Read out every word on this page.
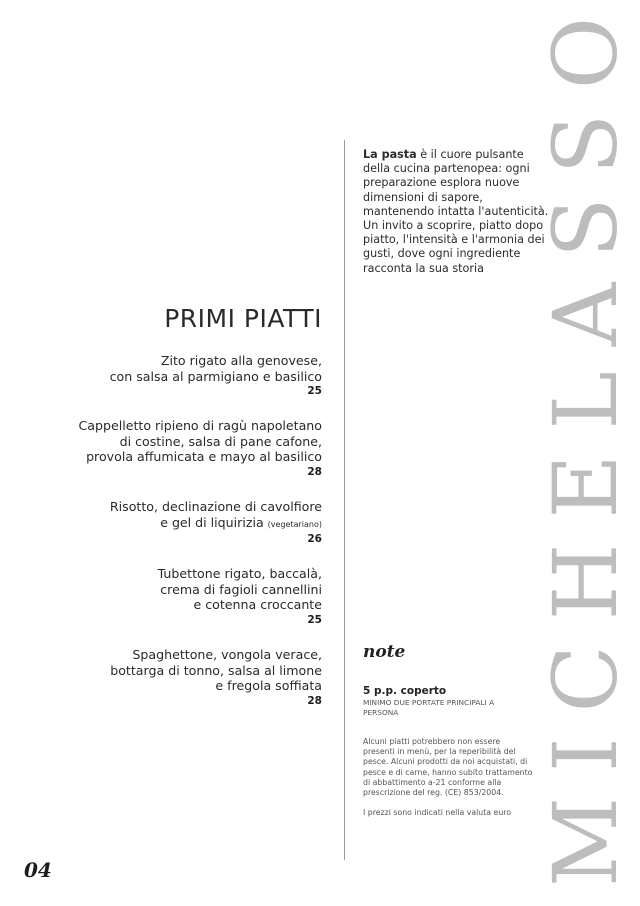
La pasta è il cuore pulsante della cucina partenopea: ogni preparazione esplora nuove dimensioni di sapore, mantenendo intatta l'autenticità. Un invito a scoprire, piatto dopo piatto, l'intensità e l'armonia dei gusti, dove ogni ingrediente racconta la sua storia
PRIMI PIATTI
Zito rigato alla genovese,
con salsa al parmigiano e basilico
25
Cappelletto ripieno di ragù napoletano
di costine, salsa di pane cafone,
provola affumicata e mayo al basilico
28
Risotto, declinazione di cavolfiore
e gel di liquirizia (vegetariano)
26
Tubettone rigato, baccalà,
crema di fagioli cannellini
e cotenna croccante
25
Spaghettone, vongola verace,
bottarga di tonno, salsa al limone
e fregola soffiata
28
note
5 p.p. coperto
MINIMO DUE PORTATE PRINCIPALI A PERSONA

Alcuni piatti potrebbero non essere presenti in menù, per la reperibilità del pesce. Alcuni prodotti da noi acquistati, di pesce e di carne, hanno subito trattamento di abbattimento a-21 conforme alla prescrizione del reg. (CE) 853/2004.

I prezzi sono indicati nella valuta euro

04	MICHELASSO
